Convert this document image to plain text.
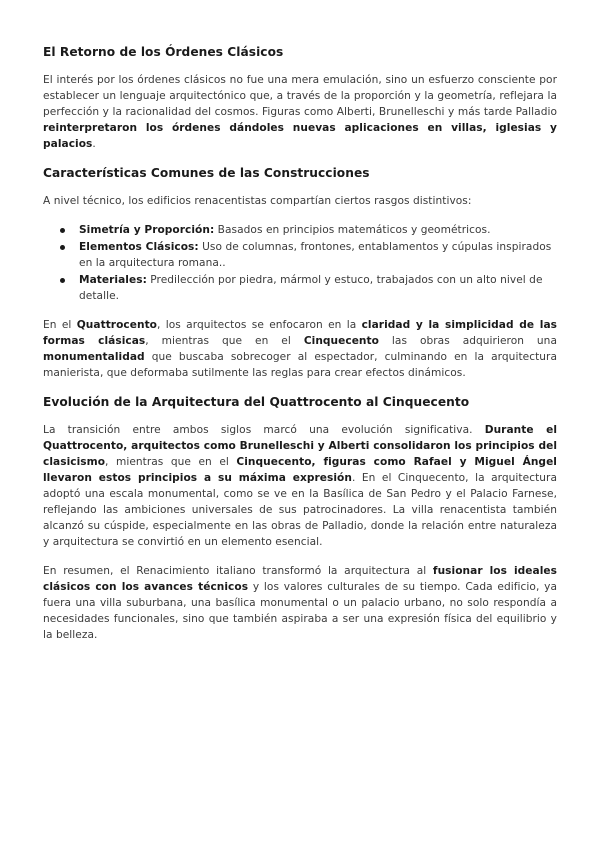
El Retorno de los Órdenes Clásicos

El interés por los órdenes clásicos no fue una mera emulación, sino un esfuerzo consciente por establecer un lenguaje arquitectónico que, a través de la proporción y la geometría, reflejara la perfección y la racionalidad del cosmos. Figuras como Alberti, Brunelleschi y más tarde Palladio reinterpretaron los órdenes dándoles nuevas aplicaciones en villas, iglesias y palacios.

Características Comunes de las Construcciones

A nivel técnico, los edificios renacentistas compartían ciertos rasgos distintivos:

Simetría y Proporción: Basados en principios matemáticos y geométricos.
Elementos Clásicos: Uso de columnas, frontones, entablamentos y cúpulas inspirados en la arquitectura romana..
Materiales: Predilección por piedra, mármol y estuco, trabajados con un alto nivel de detalle.

En el Quattrocento, los arquitectos se enfocaron en la claridad y la simplicidad de las formas clásicas, mientras que en el Cinquecento las obras adquirieron una monumentalidad que buscaba sobrecoger al espectador, culminando en la arquitectura manierista, que deformaba sutilmente las reglas para crear efectos dinámicos.

Evolución de la Arquitectura del Quattrocento al Cinquecento

La transición entre ambos siglos marcó una evolución significativa. Durante el Quattrocento, arquitectos como Brunelleschi y Alberti consolidaron los principios del clasicismo, mientras que en el Cinquecento, figuras como Rafael y Miguel Ángel llevaron estos principios a su máxima expresión. En el Cinquecento, la arquitectura adoptó una escala monumental, como se ve en la Basílica de San Pedro y el Palacio Farnese, reflejando las ambiciones universales de sus patrocinadores. La villa renacentista también alcanzó su cúspide, especialmente en las obras de Palladio, donde la relación entre naturaleza y arquitectura se convirtió en un elemento esencial.

En resumen, el Renacimiento italiano transformó la arquitectura al fusionar los ideales clásicos con los avances técnicos y los valores culturales de su tiempo. Cada edificio, ya fuera una villa suburbana, una basílica monumental o un palacio urbano, no solo respondía a necesidades funcionales, sino que también aspiraba a ser una expresión física del equilibrio y la belleza.
